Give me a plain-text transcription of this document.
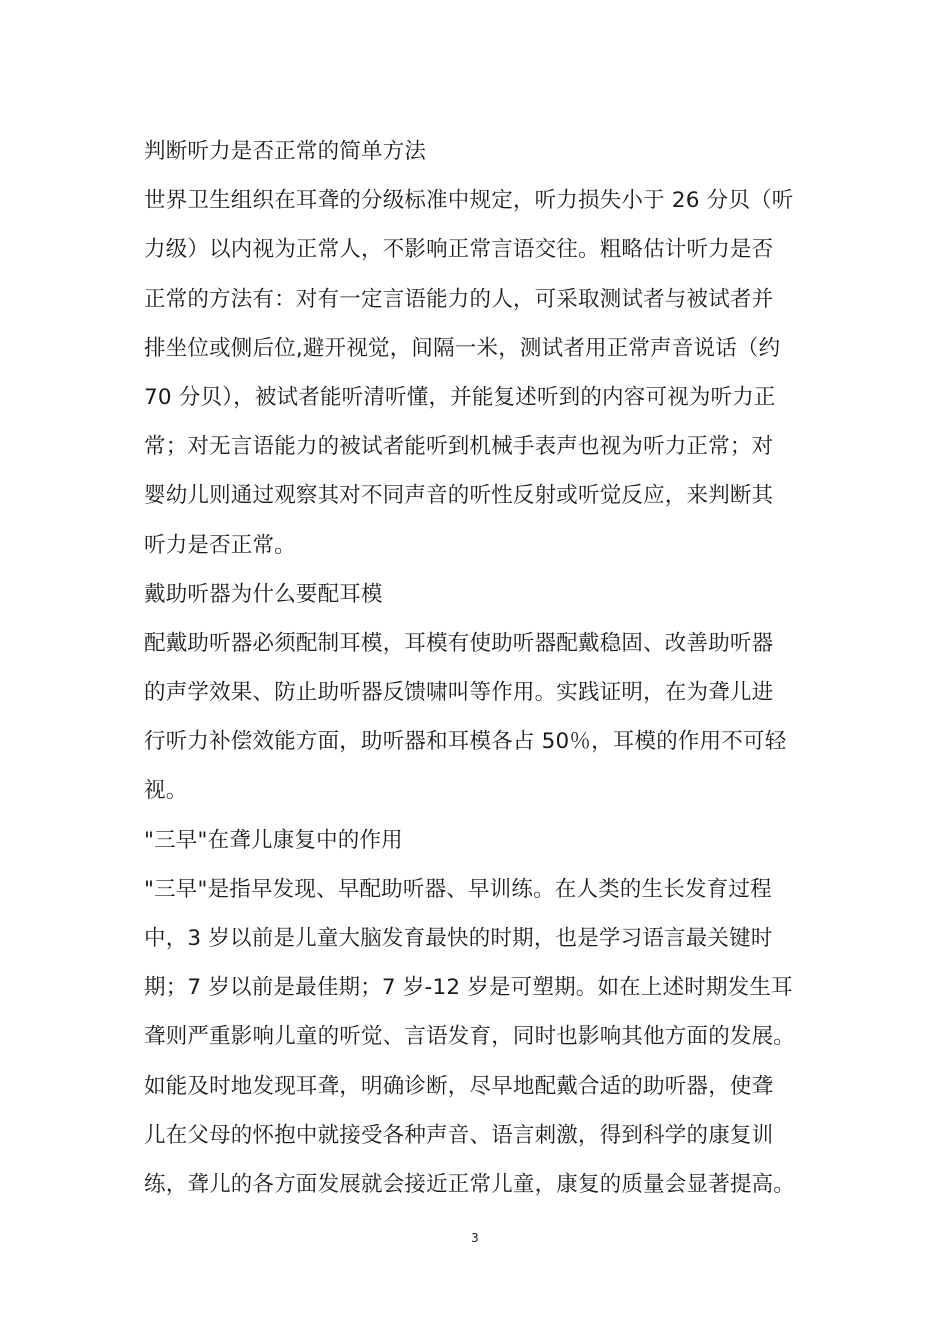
判断听力是否正常的简单方法
世界卫生组织在耳聋的分级标准中规定，听力损失小于 26 分贝（听
力级）以内视为正常人，不影响正常言语交往。粗略估计听力是否
正常的方法有：对有一定言语能力的人，可采取测试者与被试者并
排坐位或侧后位,避开视觉，间隔一米，测试者用正常声音说话（约
70 分贝），被试者能听清听懂，并能复述听到的内容可视为听力正
常；对无言语能力的被试者能听到机械手表声也视为听力正常；对
婴幼儿则通过观察其对不同声音的听性反射或听觉反应，来判断其
听力是否正常。
戴助听器为什么要配耳模
配戴助听器必须配制耳模，耳模有使助听器配戴稳固、改善助听器
的声学效果、防止助听器反馈啸叫等作用。实践证明，在为聋儿进
行听力补偿效能方面，助听器和耳模各占 50％，耳模的作用不可轻
视。
"三早"在聋儿康复中的作用
"三早"是指早发现、早配助听器、早训练。在人类的生长发育过程
中，3 岁以前是儿童大脑发育最快的时期，也是学习语言最关键时
期；7 岁以前是最佳期；7 岁-12 岁是可塑期。如在上述时期发生耳
聋则严重影响儿童的听觉、言语发育，同时也影响其他方面的发展。
如能及时地发现耳聋，明确诊断，尽早地配戴合适的助听器，使聋
儿在父母的怀抱中就接受各种声音、语言刺激，得到科学的康复训
练，聋儿的各方面发展就会接近正常儿童，康复的质量会显著提高。
3
